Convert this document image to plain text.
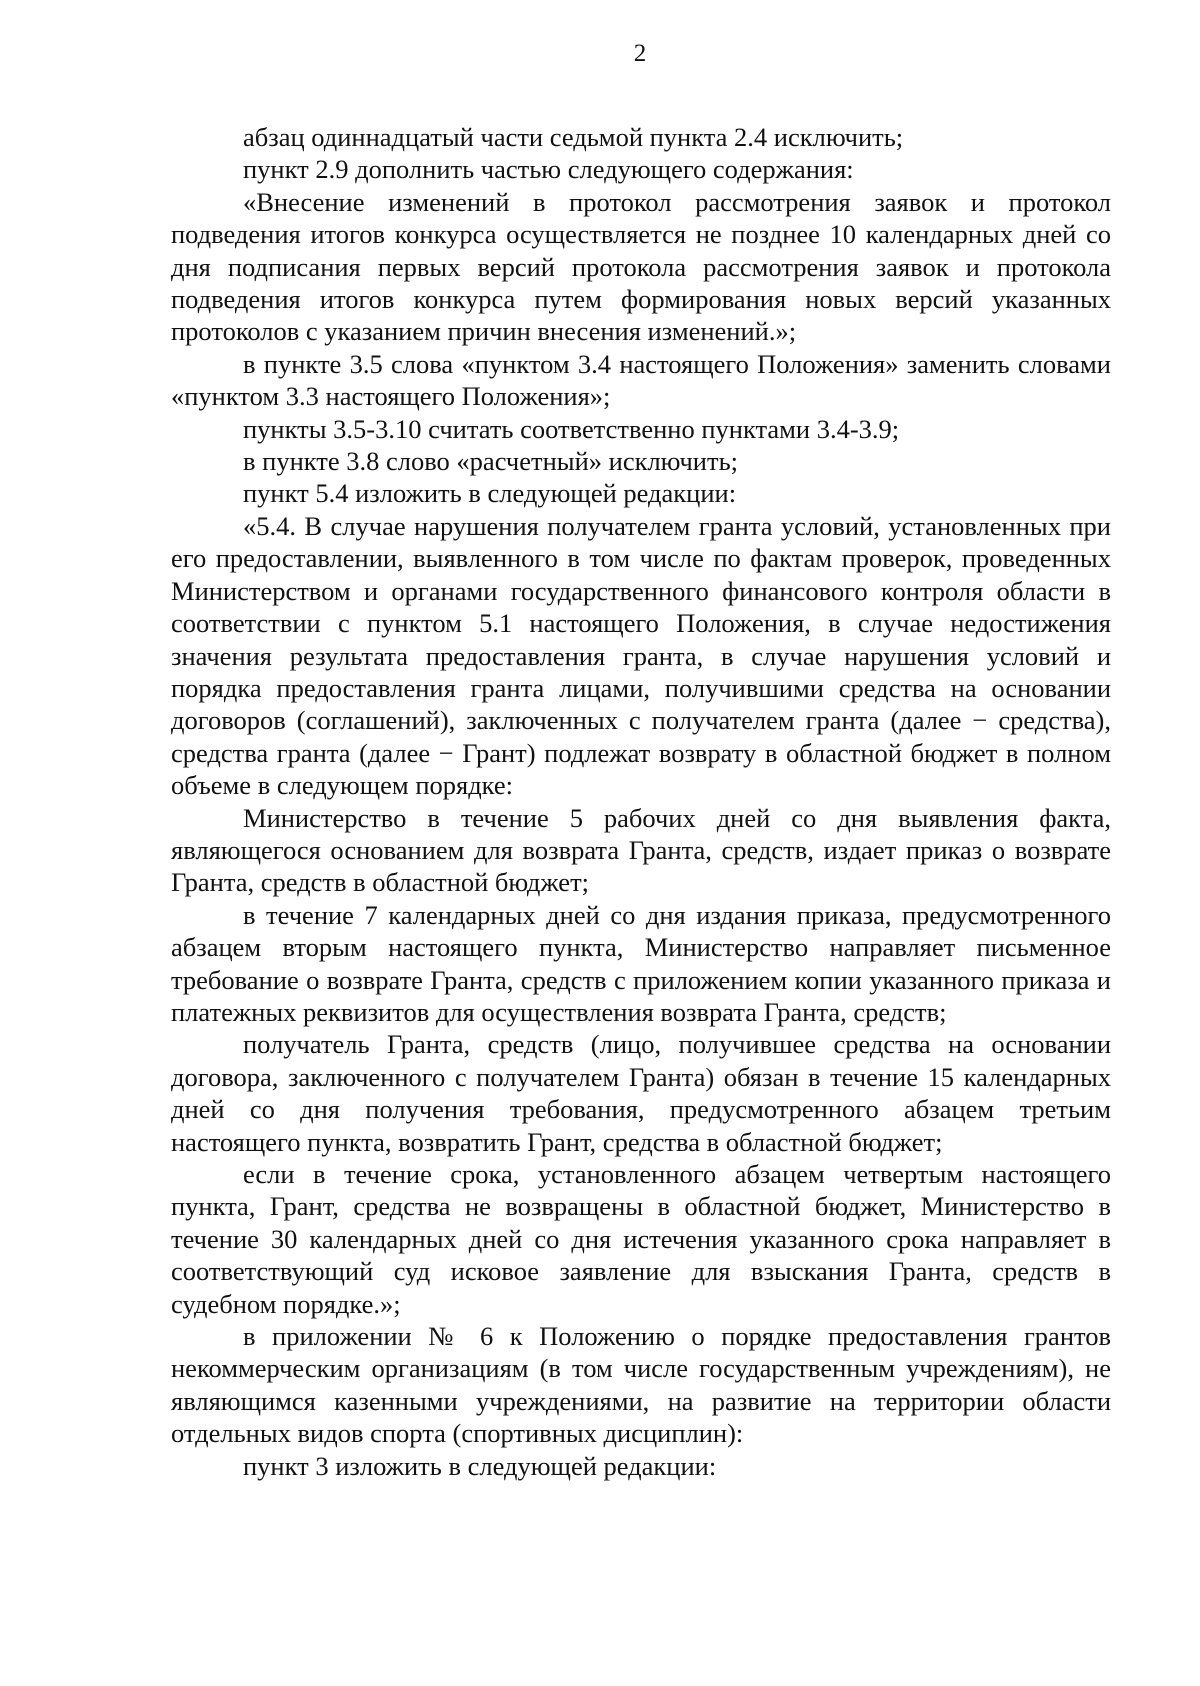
2

абзац одиннадцатый части седьмой пункта 2.4 исключить;

пункт 2.9 дополнить частью следующего содержания:

«Внесение изменений в протокол рассмотрения заявок и протокол подведения итогов конкурса осуществляется не позднее 10 календарных дней со дня подписания первых версий протокола рассмотрения заявок и протокола подведения итогов конкурса путем формирования новых версий указанных протоколов с указанием причин внесения изменений.»;

в пункте 3.5 слова «пунктом 3.4 настоящего Положения» заменить словами «пунктом 3.3 настоящего Положения»;

пункты 3.5-3.10 считать соответственно пунктами 3.4-3.9;

в пункте 3.8 слово «расчетный» исключить;

пункт 5.4 изложить в следующей редакции:

«5.4. В случае нарушения получателем гранта условий, установленных при его предоставлении, выявленного в том числе по фактам проверок, проведенных Министерством и органами государственного финансового контроля области в соответствии с пунктом 5.1 настоящего Положения, в случае недостижения значения результата предоставления гранта, в случае нарушения условий и порядка предоставления гранта лицами, получившими средства на основании договоров (соглашений), заключенных с получателем гранта (далее − средства), средства гранта (далее − Грант) подлежат возврату в областной бюджет в полном объеме в следующем порядке:

Министерство в течение 5 рабочих дней со дня выявления факта, являющегося основанием для возврата Гранта, средств, издает приказ о возврате Гранта, средств в областной бюджет;

в течение 7 календарных дней со дня издания приказа, предусмотренного абзацем вторым настоящего пункта, Министерство направляет письменное требование о возврате Гранта, средств с приложением копии указанного приказа и платежных реквизитов для осуществления возврата Гранта, средств;

получатель Гранта, средств (лицо, получившее средства на основании договора, заключенного с получателем Гранта) обязан в течение 15 календарных дней со дня получения требования, предусмотренного абзацем третьим настоящего пункта, возвратить Грант, средства в областной бюджет;

если в течение срока, установленного абзацем четвертым настоящего пункта, Грант, средства не возвращены в областной бюджет, Министерство в течение 30 календарных дней со дня истечения указанного срока направляет в соответствующий суд исковое заявление для взыскания Гранта, средств в судебном порядке.»;

в приложении № 6 к Положению о порядке предоставления грантов некоммерческим организациям (в том числе государственным учреждениям), не являющимся казенными учреждениями, на развитие на территории области отдельных видов спорта (спортивных дисциплин):

пункт 3 изложить в следующей редакции:
